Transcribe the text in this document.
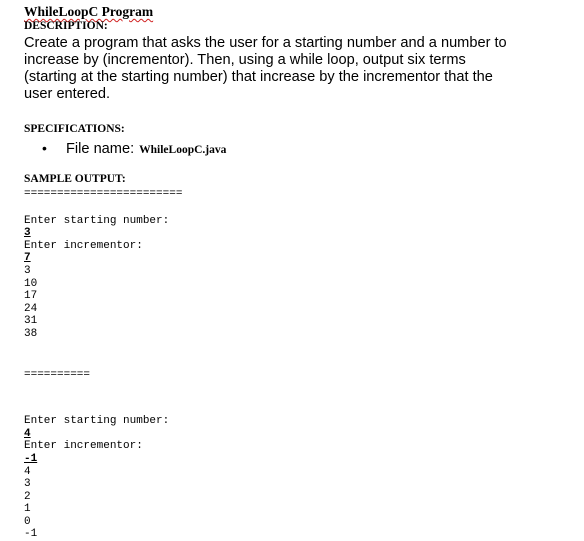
WhileLoopC Program
DESCRIPTION:
Create a program that asks the user for a starting number and a number to
increase by (incrementor). Then, using a while loop, output six terms
(starting at the starting number) that increase by the incrementor that the
user entered.
SPECIFICATIONS:
•	File name: WhileLoopC.java
SAMPLE OUTPUT:
========================
Enter starting number:
3
Enter incrementor:
7
3
10
17
24
31
38
==========
Enter starting number:
4
Enter incrementor:
-1
4
3
2
1
0
-1
